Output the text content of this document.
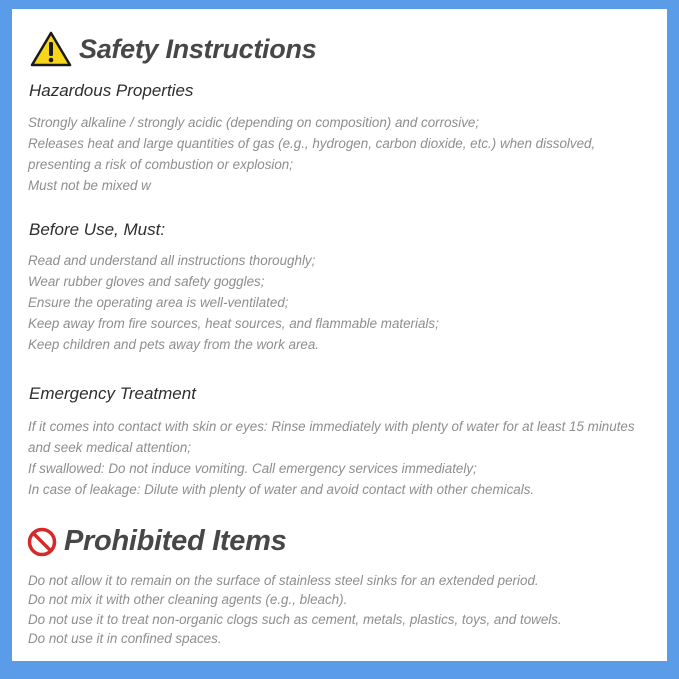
Safety Instructions
Hazardous Properties
Strongly alkaline / strongly acidic (depending on composition) and corrosive;
Releases heat and large quantities of gas (e.g., hydrogen, carbon dioxide, etc.) when dissolved, presenting a risk of combustion or explosion;
Must not be mixed w
Before Use, Must:
Read and understand all instructions thoroughly;
Wear rubber gloves and safety goggles;
Ensure the operating area is well-ventilated;
Keep away from fire sources, heat sources, and flammable materials;
Keep children and pets away from the work area.
Emergency Treatment
If it comes into contact with skin or eyes: Rinse immediately with plenty of water for at least 15 minutes and seek medical attention;
If swallowed: Do not induce vomiting. Call emergency services immediately;
In case of leakage: Dilute with plenty of water and avoid contact with other chemicals.
Prohibited Items
Do not allow it to remain on the surface of stainless steel sinks for an extended period.
Do not mix it with other cleaning agents (e.g., bleach).
Do not use it to treat non-organic clogs such as cement, metals, plastics, toys, and towels.
Do not use it in confined spaces.
